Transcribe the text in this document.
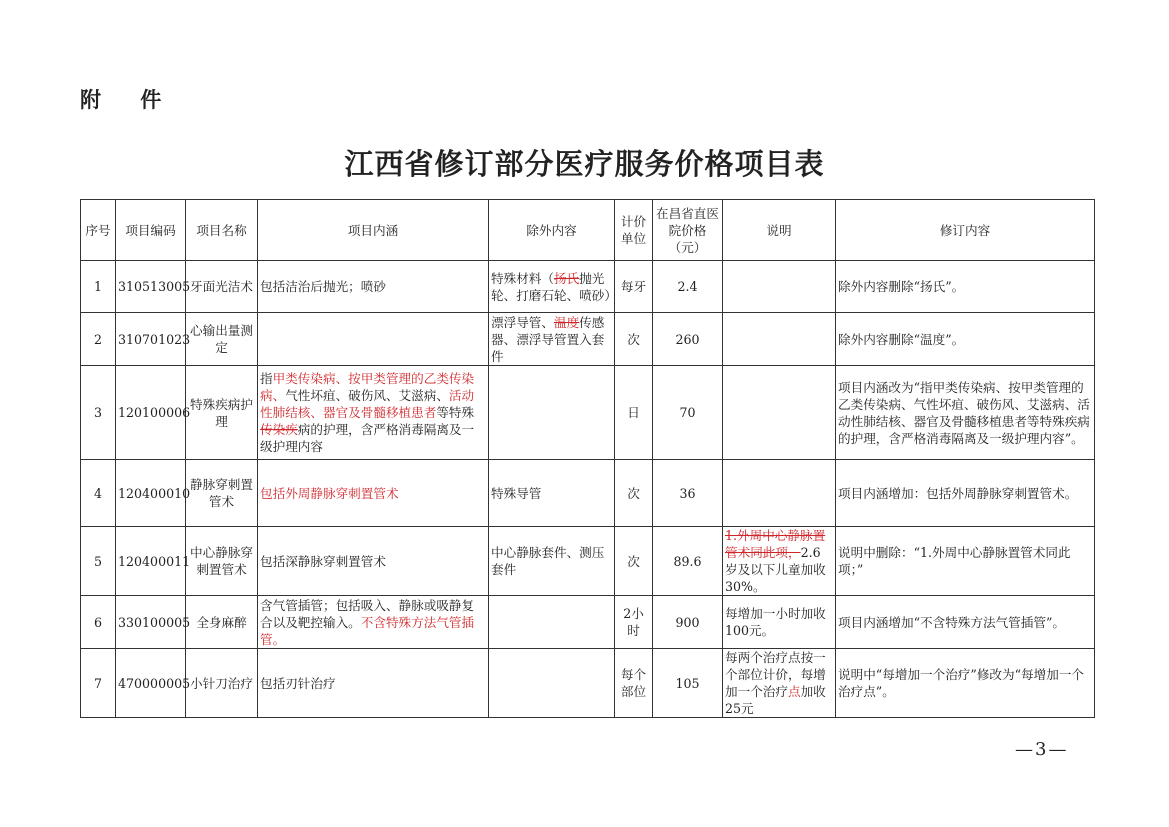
附 件
江西省修订部分医疗服务价格项目表
序号	项目编码	项目名称	项目内涵	除外内容	计价单位	在昌省直医院价格（元）	说明	修订内容
1	310513005	牙面光洁术	包括洁治后抛光；喷砂	特殊材料（扬氏抛光轮、打磨石轮、喷砂）	每牙	2.4		除外内容删除“扬氏”。
2	310701023	心输出量测定		漂浮导管、温度传感器、漂浮导管置入套件	次	260		除外内容删除“温度”。
3	120100006	特殊疾病护理	指甲类传染病、按甲类管理的乙类传染病、气性坏疽、破伤风、艾滋病、活动性肺结核、器官及骨髓移植患者等特殊传染疾病的护理，含严格消毒隔离及一级护理内容		日	70		项目内涵改为“指甲类传染病、按甲类管理的乙类传染病、气性坏疽、破伤风、艾滋病、活动性肺结核、器官及骨髓移植患者等特殊疾病的护理，含严格消毒隔离及一级护理内容”。
4	120400010	静脉穿刺置管术	包括外周静脉穿刺置管术	特殊导管	次	36		项目内涵增加：包括外周静脉穿刺置管术。
5	120400011	中心静脉穿刺置管术	包括深静脉穿刺置管术	中心静脉套件、测压套件	次	89.6	1.外周中心静脉置管术同此项，2.6岁及以下儿童加收30%。	说明中删除：“1.外周中心静脉置管术同此项；”
6	330100005	全身麻醉	含气管插管；包括吸入、静脉或吸静复合以及靶控输入。不含特殊方法气管插管。		2小时	900	每增加一小时加收100元。	项目内涵增加“不含特殊方法气管插管”。
7	470000005	小针刀治疗	包括刃针治疗		每个部位	105	每两个治疗点按一个部位计价，每增加一个治疗点加收25元	说明中“每增加一个治疗”修改为“每增加一个治疗点”。
—3—
